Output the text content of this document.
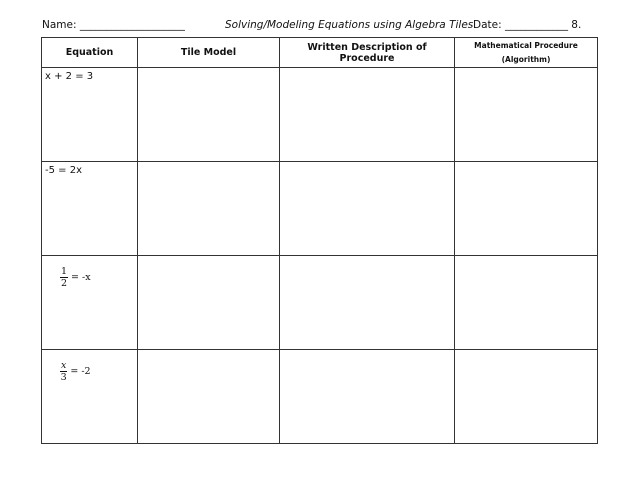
Name: ____________________	Solving/Modeling Equations using Algebra Tiles Date: ____________ 8.
Equation	Tile Model	Written Description of Procedure	Mathematical Procedure
(Algorithm)

x + 2 = 3			

-5 = 2x			

$\frac{1}{2} = -x$			

$\frac{x}{3} = -2$			
